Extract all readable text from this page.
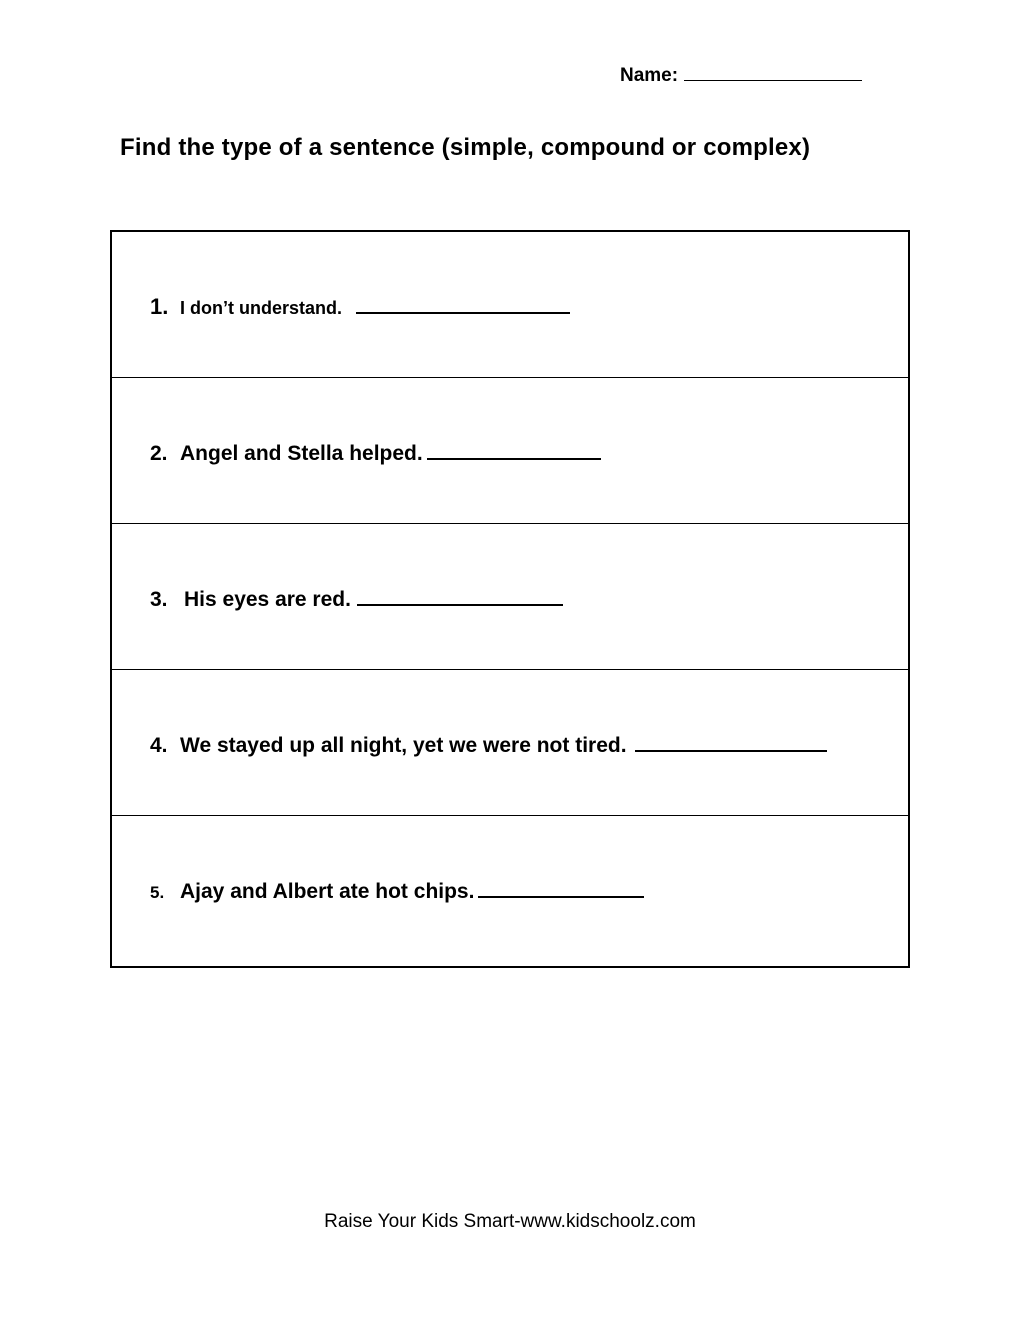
Name:
Find the type of a sentence (simple, compound or complex)
1. I don’t understand.
2. Angel and Stella helped.
3. His eyes are red.
4. We stayed up all night, yet we were not tired.
5. Ajay and Albert ate hot chips.
Raise Your Kids Smart-www.kidschoolz.com
